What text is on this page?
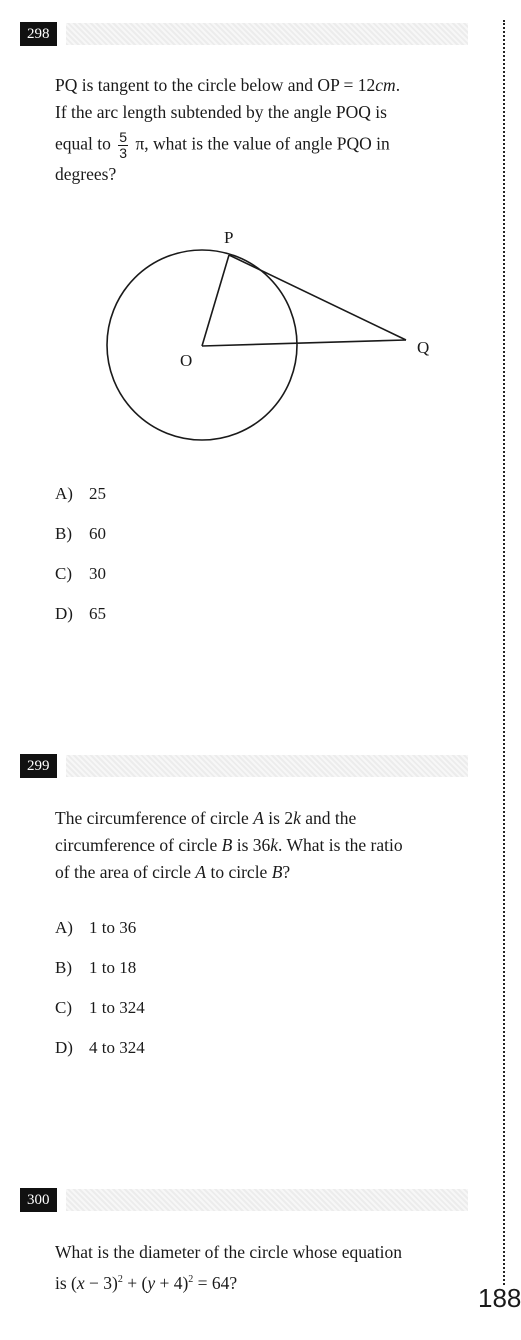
298
PQ is tangent to the circle below and OP = 12cm.
If the arc length subtended by the angle POQ is
equal to $\frac{5}{3} \pi$, what is the value of angle PQO in
degrees?
P
O
Q
A) 25
B) 60
C) 30
D) 65
299
The circumference of circle A is 2k and the
circumference of circle B is 36k. What is the ratio
of the area of circle A to circle B?
A) 1 to 36
B) 1 to 18
C) 1 to 324
D) 4 to 324
300
What is the diameter of the circle whose equation
is $(x - 3)^2 + (y + 4)^2 = 64$?
188
